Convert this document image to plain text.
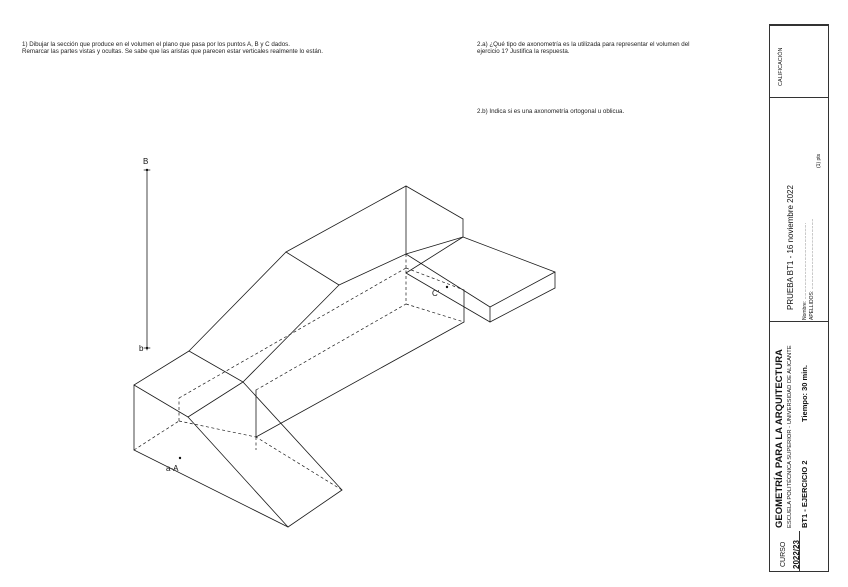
1) Dibujar la sección que produce en el volumen el plano que pasa por los puntos A, B y C dados.
Remarcar las partes vistas y ocultas. Se sabe que las aristas que parecen estar verticales realmente lo están.
2.a) ¿Qué tipo de axonometría es la utilizada para representar el volumen del
ejercicio 1? Justifica la respuesta.
2.b) Indica si es una axonometría ortogonal u oblicua.
B
b
a-A
C'
CURSO 2022/23
GEOMETRÍA PARA LA ARQUITECTURA ESCUELA POLITÉCNICA SUPERIOR - UNIVERSIDAD DE ALICANTE BT1 - EJERCICIO 2
Tiempo: 30 min.
PRUEBA BT1 - 16 noviembre 2022 Nombre: ....................................................... APELLIDOS: ...................................................
(1) pts
CALIFICACIÓN
